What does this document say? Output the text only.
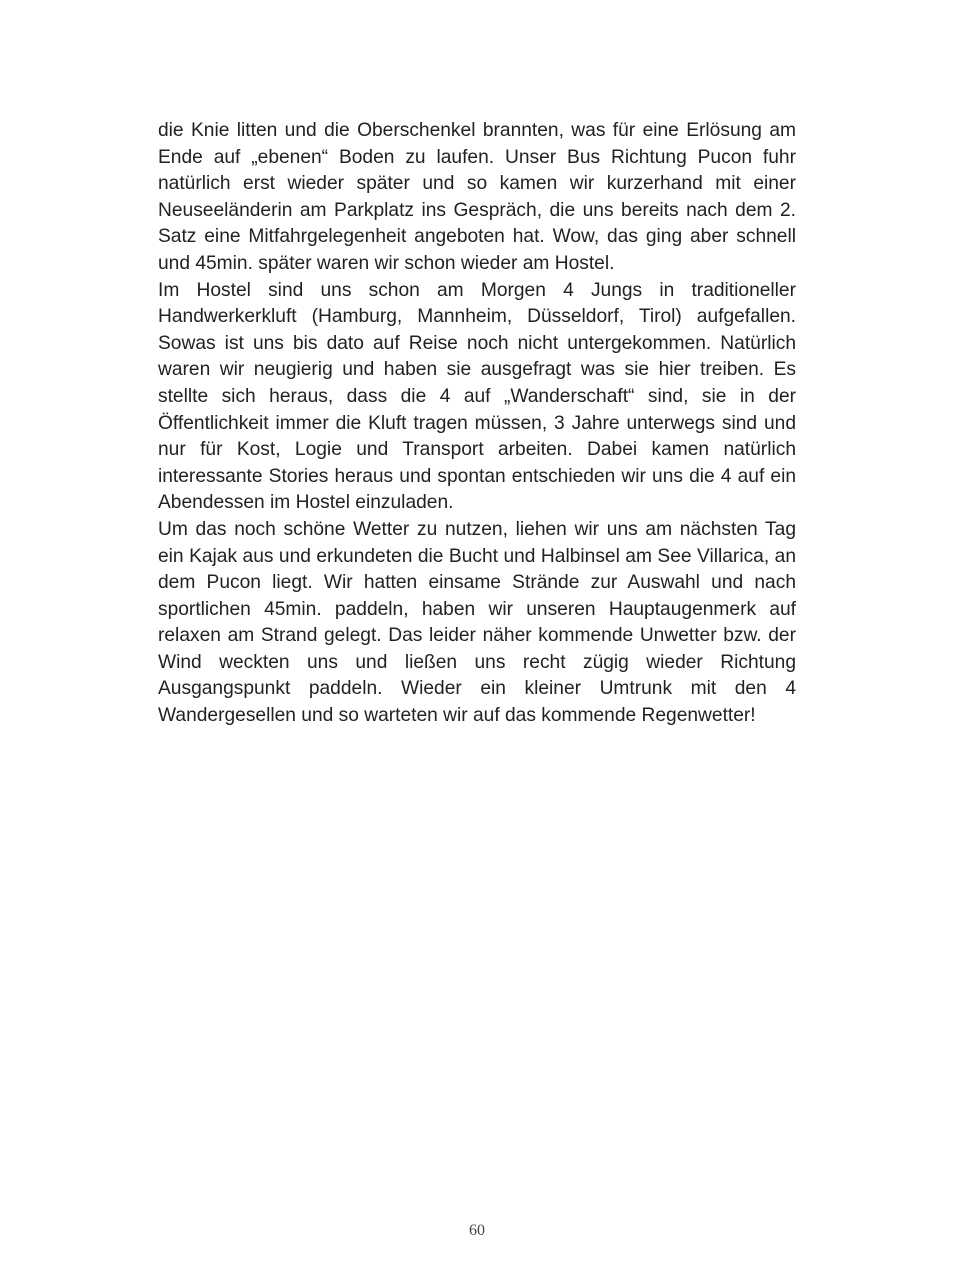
die Knie litten und die Oberschenkel brannten, was für eine Erlösung am Ende auf „ebenen“ Boden zu laufen. Unser Bus Richtung Pucon fuhr natürlich erst wieder später und so kamen wir kurzerhand mit einer Neuseeländerin am Parkplatz ins Gespräch, die uns bereits nach dem 2. Satz eine Mitfahrgelegenheit angeboten hat. Wow, das ging aber schnell und 45min. später waren wir schon wieder am Hostel.

Im Hostel sind uns schon am Morgen 4 Jungs in traditioneller Handwerkerkluft (Hamburg, Mannheim, Düsseldorf, Tirol) aufgefallen. Sowas ist uns bis dato auf Reise noch nicht untergekommen. Natürlich waren wir neugierig und haben sie ausgefragt was sie hier treiben. Es stellte sich heraus, dass die 4 auf „Wanderschaft“ sind, sie in der Öffentlichkeit immer die Kluft tragen müssen, 3 Jahre unterwegs sind und nur für Kost, Logie und Transport arbeiten. Dabei kamen natürlich interessante Stories heraus und spontan entschieden wir uns die 4 auf ein Abendessen im Hostel einzuladen.

Um das noch schöne Wetter zu nutzen, liehen wir uns am nächsten Tag ein Kajak aus und erkundeten die Bucht und Halbinsel am See Villarica, an dem Pucon liegt. Wir hatten einsame Strände zur Auswahl und nach sportlichen 45min. paddeln, haben wir unseren Hauptaugenmerk auf relaxen am Strand gelegt. Das leider näher kommende Unwetter bzw. der Wind weckten uns und ließen uns recht zügig wieder Richtung Ausgangspunkt paddeln. Wieder ein kleiner Umtrunk mit den 4 Wandergesellen und so warteten wir auf das kommende Regenwetter!

60
